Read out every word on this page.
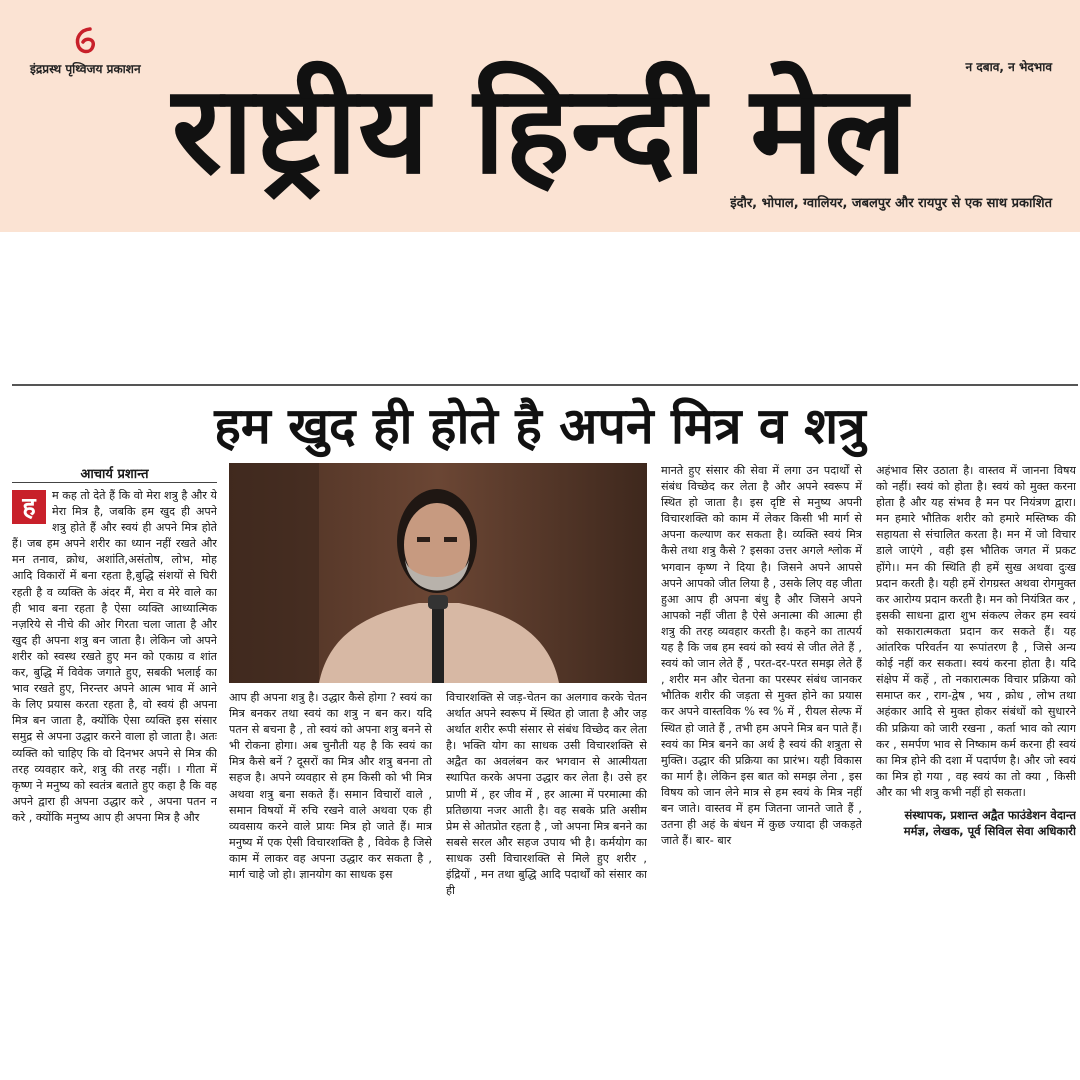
इंद्रप्रस्थ पृथ्विजय प्रकाशन	न दबाव, न भेदभाव
राष्ट्रीय हिन्दी मेल
इंदौर, भोपाल, ग्वालियर, जबलपुर और रायपुर से एक साथ प्रकाशित
हम खुद ही होते है अपने मित्र व शत्रु
आचार्य प्रशान्त
ह	म कह तो देते हैं कि वो मेरा शत्रु है और ये मेरा मित्र है, जबकि हम खुद ही अपने शत्रु होते हैं और स्वयं ही अपने मित्र होते हैं। जब हम अपने शरीर का ध्यान नहीं रखते और मन तनाव, क्रोध, अशांति,असंतोष, लोभ, मोह आदि विकारों में बना रहता है,बुद्धि संशयों से घिरी रहती है व व्यक्ति के अंदर मैं, मेरा व मेरे वाले का ही भाव बना रहता है ऐसा व्यक्ति आध्यात्मिक नज़रिये से नीचे की ओर गिरता चला जाता है और खुद ही अपना शत्रु बन जाता है। लेकिन जो अपने शरीर को स्वस्थ रखते हुए मन को एकाग्र व शांत कर, बुद्धि में विवेक जगाते हुए, सबकी भलाई का भाव रखते हुए, निरन्तर अपने आत्म भाव में आने के लिए प्रयास करता रहता है, वो स्वयं ही अपना मित्र बन जाता है, क्योंकि ऐसा व्यक्ति इस संसार समुद्र से अपना उद्धार करने वाला हो जाता है। अतः व्यक्ति को चाहिए कि वो दिनभर अपने से मित्र की तरह व्यवहार करे, शत्रु की तरह नहीं। । गीता में कृष्ण ने मनुष्य को स्वतंत्र बताते हुए कहा है कि वह अपने द्वारा ही अपना उद्धार करे , अपना पतन न करे , क्योंकि मनुष्य आप ही अपना मित्र है और
आप ही अपना शत्रु है। उद्धार कैसे होगा ? स्वयं का मित्र बनकर तथा स्वयं का शत्रु न बन कर। यदि पतन से बचना है , तो स्वयं को अपना शत्रु बनने से भी रोकना होगा। अब चुनौती यह है कि स्वयं का मित्र कैसे बनें ? दूसरों का मित्र और शत्रु बनना तो सहज है। अपने व्यवहार से हम किसी को भी मित्र अथवा शत्रु बना सकते हैं। समान विचारों वाले , समान विषयों में रुचि रखने वाले अथवा एक ही व्यवसाय करने वाले प्रायः मित्र हो जाते हैं। मात्र मनुष्य में एक ऐसी विचारशक्ति है , विवेक है जिसे काम में लाकर वह अपना उद्धार कर सकता है , मार्ग चाहे जो हो। ज्ञानयोग का साधक इस
विचारशक्ति से जड़-चेतन का अलगाव करके चेतन अर्थात अपने स्वरूप में स्थित हो जाता है और जड़ अर्थात शरीर रूपी संसार से संबंध विच्छेद कर लेता है। भक्ति योग का साधक उसी विचारशक्ति से अद्वैत का अवलंबन कर भगवान से आत्मीयता स्थापित करके अपना उद्धार कर लेता है। उसे हर प्राणी में , हर जीव में , हर आत्मा में परमात्मा की प्रतिछाया नजर आती है। वह सबके प्रति असीम प्रेम से ओतप्रोत रहता है , जो अपना मित्र बनने का सबसे सरल और सहज उपाय भी है। कर्मयोग का साधक उसी विचारशक्ति से मिले हुए शरीर , इंद्रियों , मन तथा बुद्धि आदि पदार्थों को संसार का ही
मानते हुए संसार की सेवा में लगा उन पदार्थों से संबंध विच्छेद कर लेता है और अपने स्वरूप में स्थित हो जाता है। इस दृष्टि से मनुष्य अपनी विचारशक्ति को काम में लेकर किसी भी मार्ग से अपना कल्याण कर सकता है। व्यक्ति स्वयं मित्र कैसे तथा शत्रु कैसे ? इसका उत्तर अगले श्लोक में भगवान कृष्ण ने दिया है। जिसने अपने आपसे अपने आपको जीत लिया है , उसके लिए वह जीता हुआ आप ही अपना बंधु है और जिसने अपने आपको नहीं जीता है ऐसे अनात्मा की आत्मा ही शत्रु की तरह व्यवहार करती है। कहने का तात्पर्य यह है कि जब हम स्वयं को स्वयं से जीत लेते हैं , स्वयं को जान लेते हैं , परत-दर-परत समझ लेते हैं , शरीर मन और चेतना का परस्पर संबंध जानकर भौतिक शरीर की जड़ता से मुक्त होने का प्रयास कर अपने वास्तविक % स्व % में , रीयल सेल्फ में स्थित हो जाते हैं , तभी हम अपने मित्र बन पाते हैं। स्वयं का मित्र बनने का अर्थ है स्वयं की शत्रुता से मुक्ति। उद्धार की प्रक्रिया का प्रारंभ। यही विकास का मार्ग है। लेकिन इस बात को समझ लेना , इस विषय को जान लेने मात्र से हम स्वयं के मित्र नहीं बन जाते। वास्तव में हम जितना जानते जाते हैं , उतना ही अहं के बंधन में कुछ ज्यादा ही जकड़ते जाते हैं। बार- बार
अहंभाव सिर उठाता है। वास्तव में जानना विषय को नहीं। स्वयं को होता है। स्वयं को मुक्त करना होता है और यह संभव है मन पर नियंत्रण द्वारा। मन हमारे भौतिक शरीर को हमारे मस्तिष्क की सहायता से संचालित करता है। मन में जो विचार डाले जाएंगे , वही इस भौतिक जगत में प्रकट होंगे।। मन की स्थिति ही हमें सुख अथवा दुःख प्रदान करती है। यही हमें रोगग्रस्त अथवा रोगमुक्त कर आरोग्य प्रदान करती है। मन को नियंत्रित कर , इसकी साधना द्वारा शुभ संकल्प लेकर हम स्वयं को सकारात्मकता प्रदान कर सकते हैं। यह आंतरिक परिवर्तन या रूपांतरण है , जिसे अन्य कोई नहीं कर सकता। स्वयं करना होता है। यदि संक्षेप में कहें , तो नकारात्मक विचार प्रक्रिया को समाप्त कर , राग-द्वेष , भय , क्रोध , लोभ तथा अहंकार आदि से मुक्त होकर संबंधों को सुधारने की प्रक्रिया को जारी रखना , कर्ता भाव को त्याग कर , समर्पण भाव से निष्काम कर्म करना ही स्वयं का मित्र होने की दशा में पदार्पण है। और जो स्वयं का मित्र हो गया , वह स्वयं का तो क्या , किसी और का भी शत्रु कभी नहीं हो सकता।
संस्थापक, प्रशान्त अद्वैत फाउंडेशन वेदान्त मर्मज्ञ, लेखक, पूर्व सिविल सेवा अधिकारी
